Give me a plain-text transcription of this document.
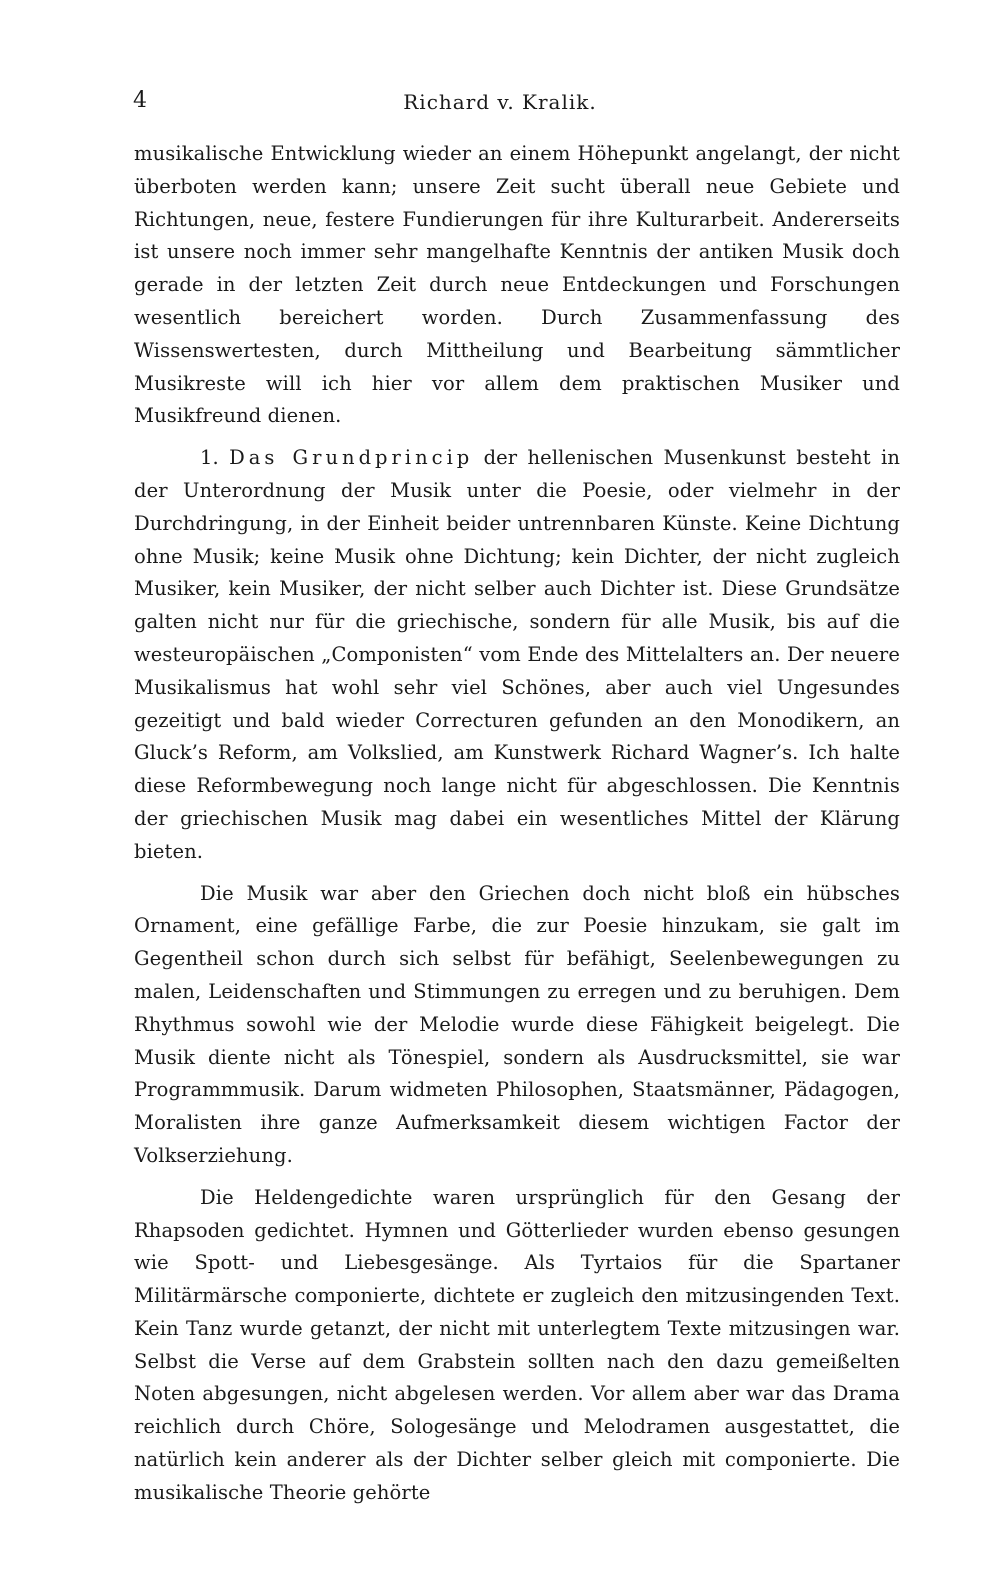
4	Richard v. Kralik.

musikalische Entwicklung wieder an einem Höhepunkt angelangt, der nicht überboten werden kann; unsere Zeit sucht überall neue Gebiete und Richtungen, neue, festere Fundierungen für ihre Kulturarbeit. Andererseits ist unsere noch immer sehr mangelhafte Kenntnis der antiken Musik doch gerade in der letzten Zeit durch neue Entdeckungen und Forschungen wesentlich bereichert worden. Durch Zusammenfassung des Wissenswertesten, durch Mittheilung und Bearbeitung sämmtlicher Musikreste will ich hier vor allem dem praktischen Musiker und Musikfreund dienen.

1. Das Grundprincip der hellenischen Musenkunst besteht in der Unterordnung der Musik unter die Poesie, oder vielmehr in der Durchdringung, in der Einheit beider untrennbaren Künste. Keine Dichtung ohne Musik; keine Musik ohne Dichtung; kein Dichter, der nicht zugleich Musiker, kein Musiker, der nicht selber auch Dichter ist. Diese Grundsätze galten nicht nur für die griechische, sondern für alle Musik, bis auf die westeuropäischen „Componisten“ vom Ende des Mittelalters an. Der neuere Musikalismus hat wohl sehr viel Schönes, aber auch viel Ungesundes gezeitigt und bald wieder Correcturen gefunden an den Monodikern, an Gluck’s Reform, am Volkslied, am Kunstwerk Richard Wagner’s. Ich halte diese Reformbewegung noch lange nicht für abgeschlossen. Die Kenntnis der griechischen Musik mag dabei ein wesentliches Mittel der Klärung bieten.

Die Musik war aber den Griechen doch nicht bloß ein hübsches Ornament, eine gefällige Farbe, die zur Poesie hinzukam, sie galt im Gegentheil schon durch sich selbst für befähigt, Seelenbewegungen zu malen, Leidenschaften und Stimmungen zu erregen und zu beruhigen. Dem Rhythmus sowohl wie der Melodie wurde diese Fähigkeit beigelegt. Die Musik diente nicht als Tönespiel, sondern als Ausdrucksmittel, sie war Programmmusik. Darum widmeten Philosophen, Staatsmänner, Pädagogen, Moralisten ihre ganze Aufmerksamkeit diesem wichtigen Factor der Volkserziehung.

Die Heldengedichte waren ursprünglich für den Gesang der Rhapsoden gedichtet. Hymnen und Götterlieder wurden ebenso gesungen wie Spott- und Liebesgesänge. Als Tyrtaios für die Spartaner Militärmärsche componierte, dichtete er zugleich den mitzusingenden Text. Kein Tanz wurde getanzt, der nicht mit unterlegtem Texte mitzusingen war. Selbst die Verse auf dem Grabstein sollten nach den dazu gemeißelten Noten abgesungen, nicht abgelesen werden. Vor allem aber war das Drama reichlich durch Chöre, Sologesänge und Melodramen ausgestattet, die natürlich kein anderer als der Dichter selber gleich mit componierte. Die musikalische Theorie gehörte
